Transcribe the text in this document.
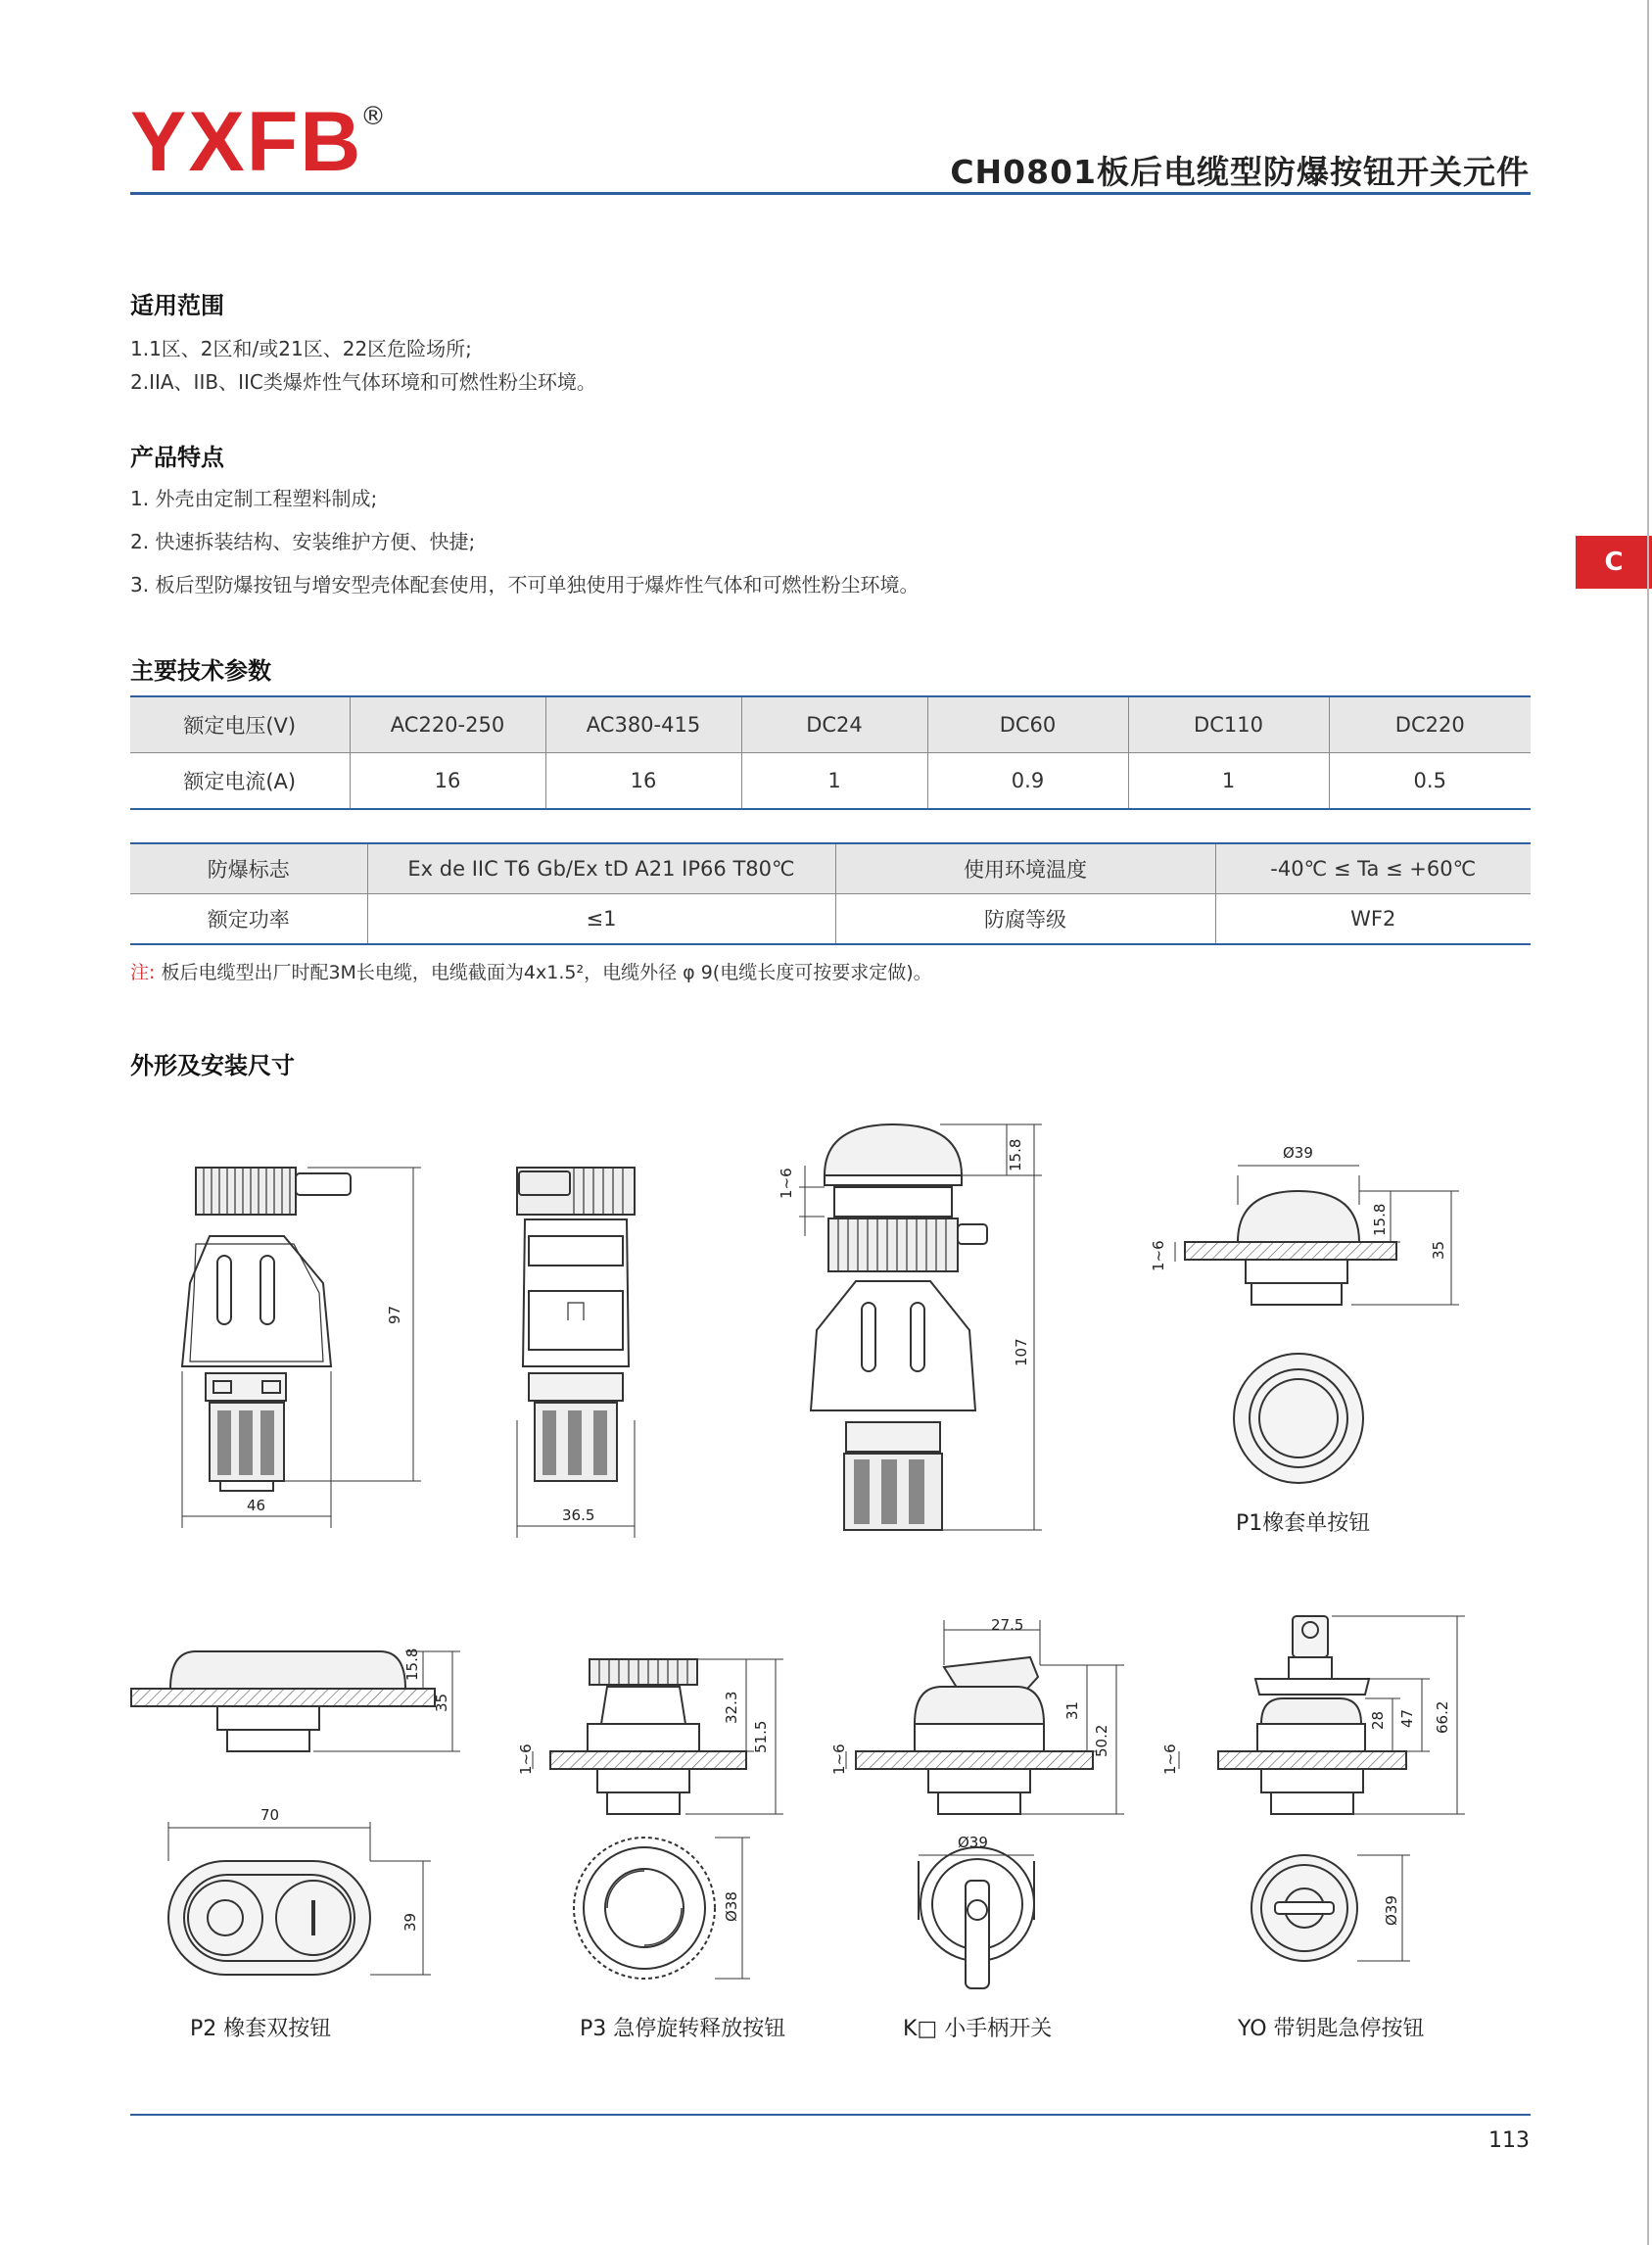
YXFB
®
CH0801板后电缆型防爆按钮开关元件
C
适用范围
1.1区、2区和/或21区、22区危险场所;
2.IIA、IIB、IIC类爆炸性气体环境和可燃性粉尘环境。
产品特点
1. 外壳由定制工程塑料制成;
2. 快速拆装结构、安装维护方便、快捷;
3. 板后型防爆按钮与增安型壳体配套使用，不可单独使用于爆炸性气体和可燃性粉尘环境。
主要技术参数
额定电压(V)	AC220-250	AC380-415	DC24	DC60	DC110	DC220
额定电流(A)	16	16	1	0.9	1	0.5
防爆标志	Ex de IIC T6 Gb/Ex tD A21 IP66 T80℃	使用环境温度	-40℃ ≤ Ta ≤ +60℃
额定功率	≤1	防腐等级	WF2
注: 板后电缆型出厂时配3M长电缆，电缆截面为4x1.5²，电缆外径 φ 9(电缆长度可按要求定做)。
外形及安装尺寸
97
46
36.5
15.8
107
1~6
Ø39
15.8
35
1~6
15.8
35
70
39
32.3
51.5
1~6
Ø38
27.5
31
50.2
1~6
Ø39
28 47 66.2
1~6
Ø39
P1橡套单按钮
P2 橡套双按钮	P3 急停旋转释放按钮	K□ 小手柄开关	YO 带钥匙急停按钮
113
